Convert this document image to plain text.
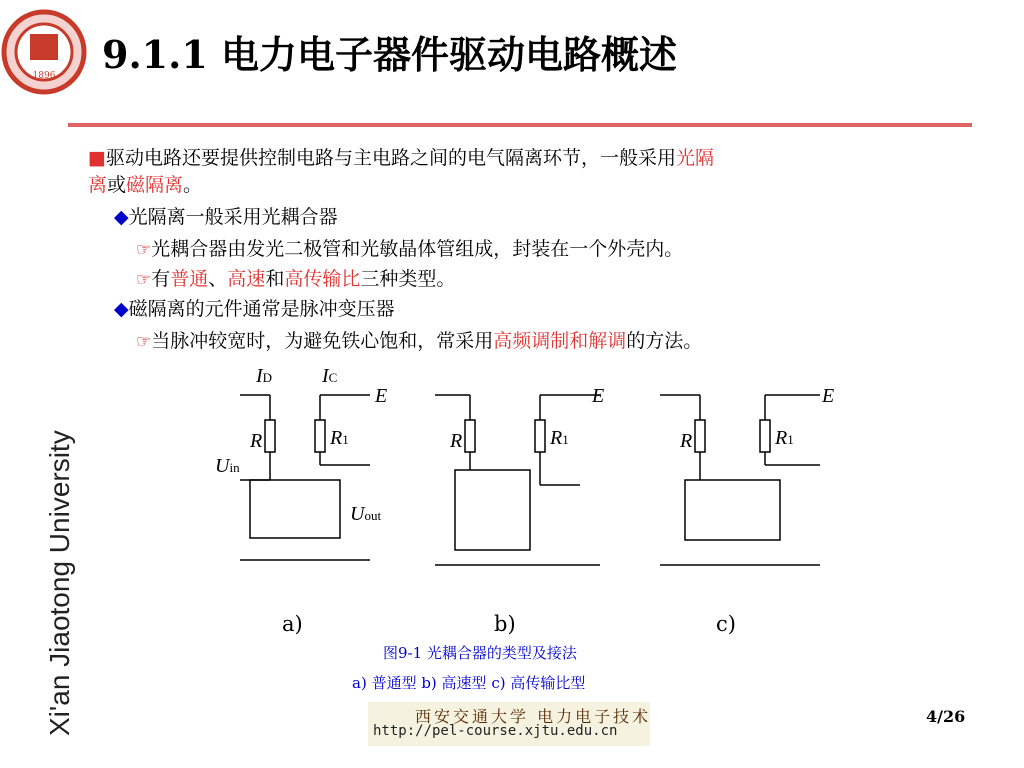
Xi'an Jiaotong University
1896 9.1.1 电力电子器件驱动电路概述
■驱动电路还要提供控制电路与主电路之间的电气隔离环节，一般采用光隔
离或磁隔离。
◆光隔离一般采用光耦合器
☞光耦合器由发光二极管和光敏晶体管组成，封装在一个外壳内。
☞有普通、高速和高传输比三种类型。
◆磁隔离的元件通常是脉冲变压器
☞当脉冲较宽时，为避免铁心饱和，常采用高频调制和解调的方法。
ID IC
E
R	R1
Uin
Uout
E
R	R1
E
R	R1
a)	b)	c)
图9-1 光耦合器的类型及接法
a) 普通型 b) 高速型 c) 高传输比型
西安交通大学 电力电子技术
http://pel-course.xjtu.edu.cn
4/26
